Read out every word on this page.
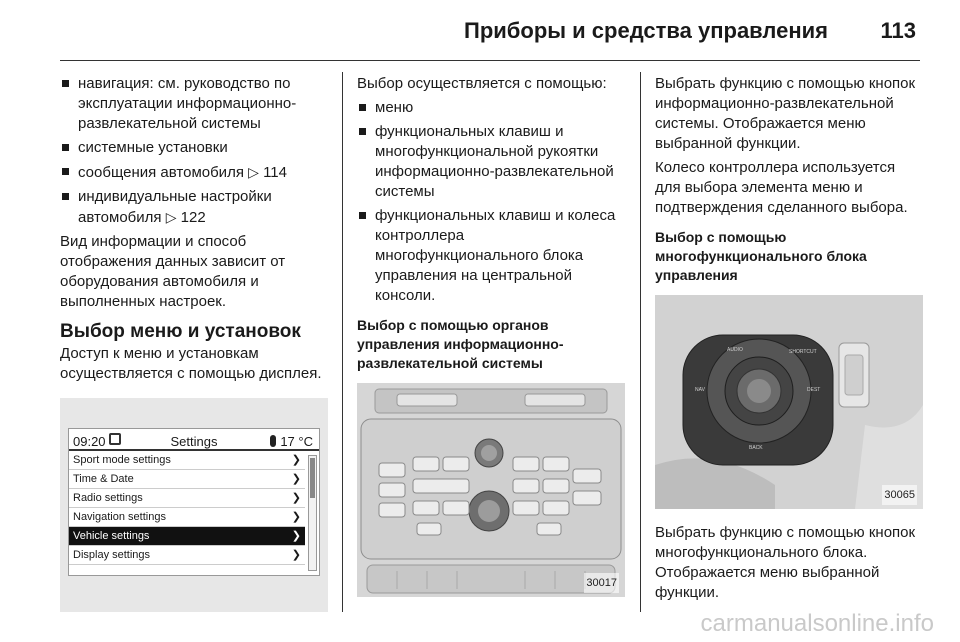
Приборы и средства управления 113
навигация: см. руководство по эксплуатации информационно-развлекательной системы
системные установки
сообщения автомобиля ▷ 114
индивидуальные настройки автомобиля ▷ 122
Вид информации и способ отображения данных зависит от оборудования автомобиля и выполненных настроек.
Выбор меню и установок
Доступ к меню и установкам осуществляется с помощью дисплея.
09:20	Settings	17 °C
Sport mode settings	❯
Time & Date	❯
Radio settings	❯
Navigation settings	❯
Vehicle settings	❯
Display settings	❯
Выбор осуществляется с помощью:
меню
функциональных клавиш и многофункциональной рукоятки информационно-развлекательной системы
функциональных клавиш и колеса контроллера многофункционального блока управления на центральной консоли.
Выбор с помощью органов управления информационно-развлекательной системы
30017
Выбрать функцию с помощью кнопок информационно-развлекательной системы. Отображается меню выбранной функции.
Колесо контроллера используется для выбора элемента меню и подтверждения сделанного выбора.
Выбор с помощью многофункционального блока управления
AUDIO	SHORTCUT
NAV	DEST
BACK
30065
Выбрать функцию с помощью кнопок многофункционального блока. Отображается меню выбранной функции.
carmanualsonline.info
